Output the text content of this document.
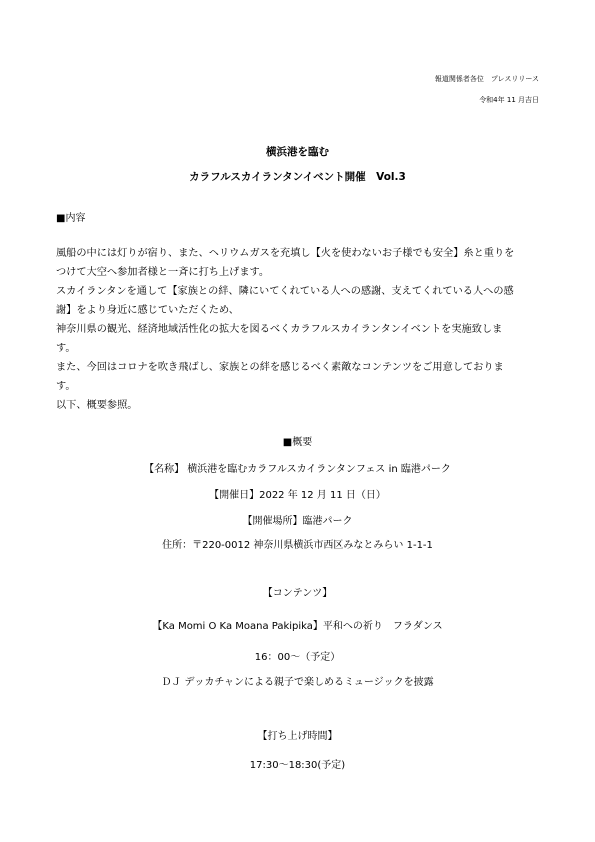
報道関係者各位　プレスリリース
令和4年 11 月吉日
横浜港を臨む
カラフルスカイランタンイベント開催　Vol.3
■内容
風船の中には灯りが宿り、また、ヘリウムガスを充填し【火を使わないお子様でも安全】糸と重りを
つけて大空へ参加者様と一斉に打ち上げます。
スカイランタンを通して【家族との絆、隣にいてくれている人への感謝、支えてくれている人への感
謝】をより身近に感じていただくため、
神奈川県の観光、経済地域活性化の拡大を図るべくカラフルスカイランタンイベントを実施致しま
す。
また、今回はコロナを吹き飛ばし、家族との絆を感じるべく素敵なコンテンツをご用意しておりま
す。
以下、概要参照。
■概要
【名称】 横浜港を臨むカラフルスカイランタンフェス in 臨港パーク
【開催日】2022 年 12 月 11 日（日）
【開催場所】臨港パーク
住所：〒220-0012 神奈川県横浜市西区みなとみらい 1-1-1
【コンテンツ】
【Ka Momi O Ka Moana Pakipika】平和への祈り　フラダンス
16：00～（予定）
ＤＪ デッカチャンによる親子で楽しめるミュージックを披露
【打ち上げ時間】
17:30～18:30(予定)
